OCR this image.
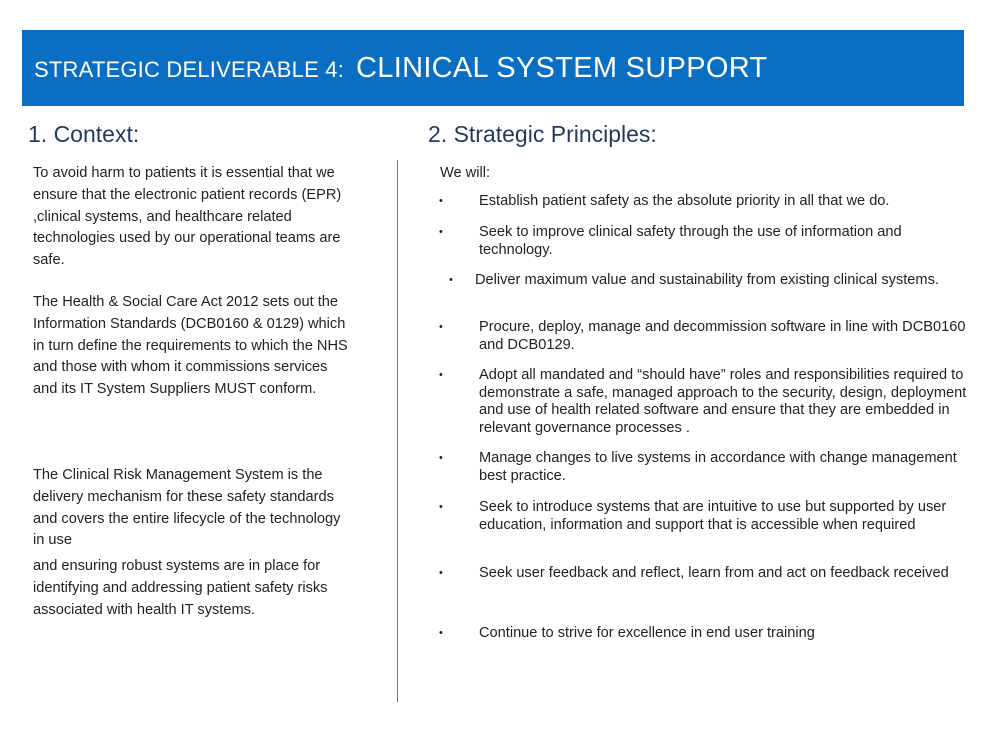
STRATEGIC DELIVERABLE 4: CLINICAL SYSTEM SUPPORT
1. Context:	2. Strategic Principles:
To avoid harm to patients it is essential that we ensure that the electronic patient records (EPR) ,clinical systems, and healthcare related technologies used by our operational teams are safe.
The Health & Social Care Act 2012 sets out the Information Standards (DCB0160 & 0129) which in turn define the requirements to which the NHS and those with whom it commissions services and its IT System Suppliers MUST conform.
The Clinical Risk Management System is the delivery mechanism for these safety standards and covers the entire lifecycle of the technology in use
and ensuring robust systems are in place for identifying and addressing patient safety risks associated with health IT systems.
We will:
• Establish patient safety as the absolute priority in all that we do.
• Seek to improve clinical safety through the use of information and technology.
• Deliver maximum value and sustainability from existing clinical systems.
• Procure, deploy, manage and decommission software in line with DCB0160 and DCB0129.
• Adopt all mandated and “should have” roles and responsibilities required to demonstrate a safe, managed approach to the security, design, deployment and use of health related software and ensure that they are embedded in relevant governance processes .
• Manage changes to live systems in accordance with change management best practice.
• Seek to introduce systems that are intuitive to use but supported by user education, information and support that is accessible when required
• Seek user feedback and reflect, learn from and act on feedback received
• Continue to strive for excellence in end user training
